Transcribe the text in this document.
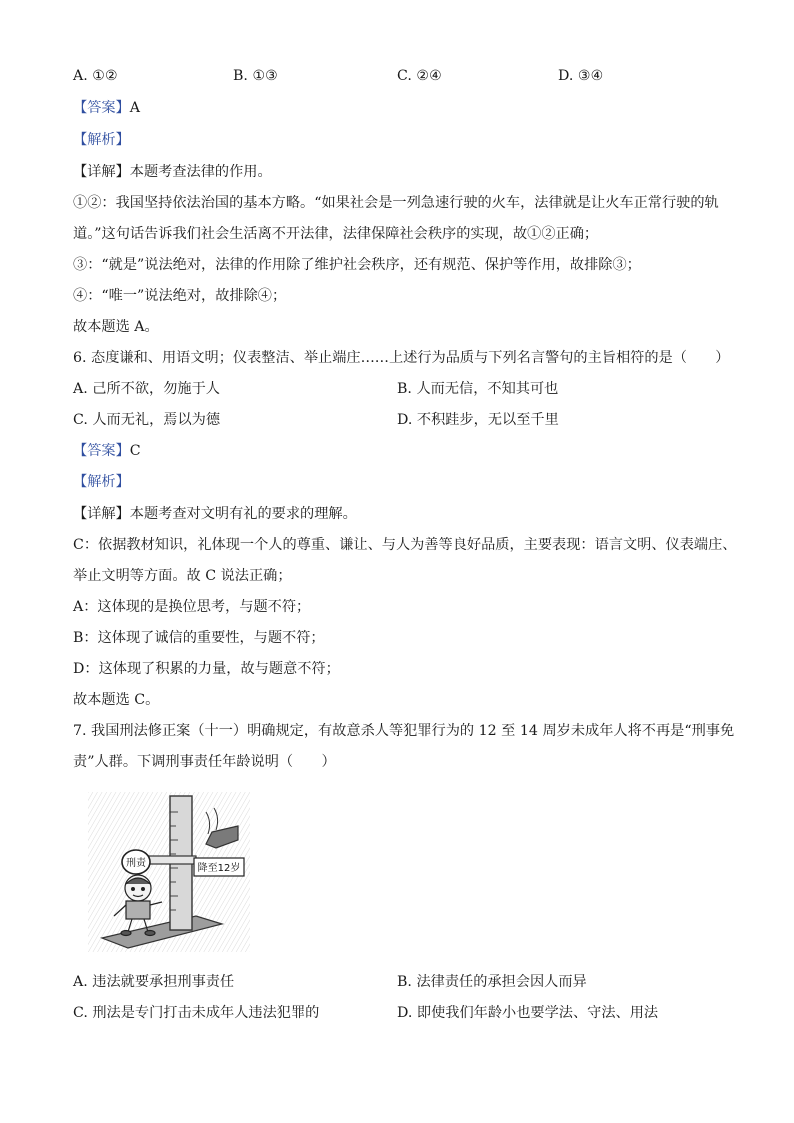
A. ①②	B. ①③	C. ②④	D. ③④
【答案】A
【解析】
【详解】本题考查法律的作用。
①②：我国坚持依法治国的基本方略。“如果社会是一列急速行驶的火车，法律就是让火车正常行驶的轨
道。”这句话告诉我们社会生活离不开法律，法律保障社会秩序的实现，故①②正确；
③：“就是”说法绝对，法律的作用除了维护社会秩序，还有规范、保护等作用，故排除③；
④：“唯一”说法绝对，故排除④；
故本题选 A。
6. 态度谦和、用语文明；仪表整洁、举止端庄……上述行为品质与下列名言警句的主旨相符的是（　　）
A. 己所不欲，勿施于人	B. 人而无信，不知其可也
C. 人而无礼，焉以为德	D. 不积跬步，无以至千里
【答案】C
【解析】
【详解】本题考查对文明有礼的要求的理解。
C：依据教材知识，礼体现一个人的尊重、谦让、与人为善等良好品质，主要表现：语言文明、仪表端庄、
举止文明等方面。故 C 说法正确；
A：这体现的是换位思考，与题不符；
B：这体现了诚信的重要性，与题不符；
D：这体现了积累的力量，故与题意不符；
故本题选 C。
7. 我国刑法修正案（十一）明确规定，有故意杀人等犯罪行为的 12 至 14 周岁未成年人将不再是“刑事免
责”人群。下调刑事责任年龄说明（　　）
刑责	降至12岁
A. 违法就要承担刑事责任	B. 法律责任的承担会因人而异
C. 刑法是专门打击未成年人违法犯罪的	D. 即使我们年龄小也要学法、守法、用法
